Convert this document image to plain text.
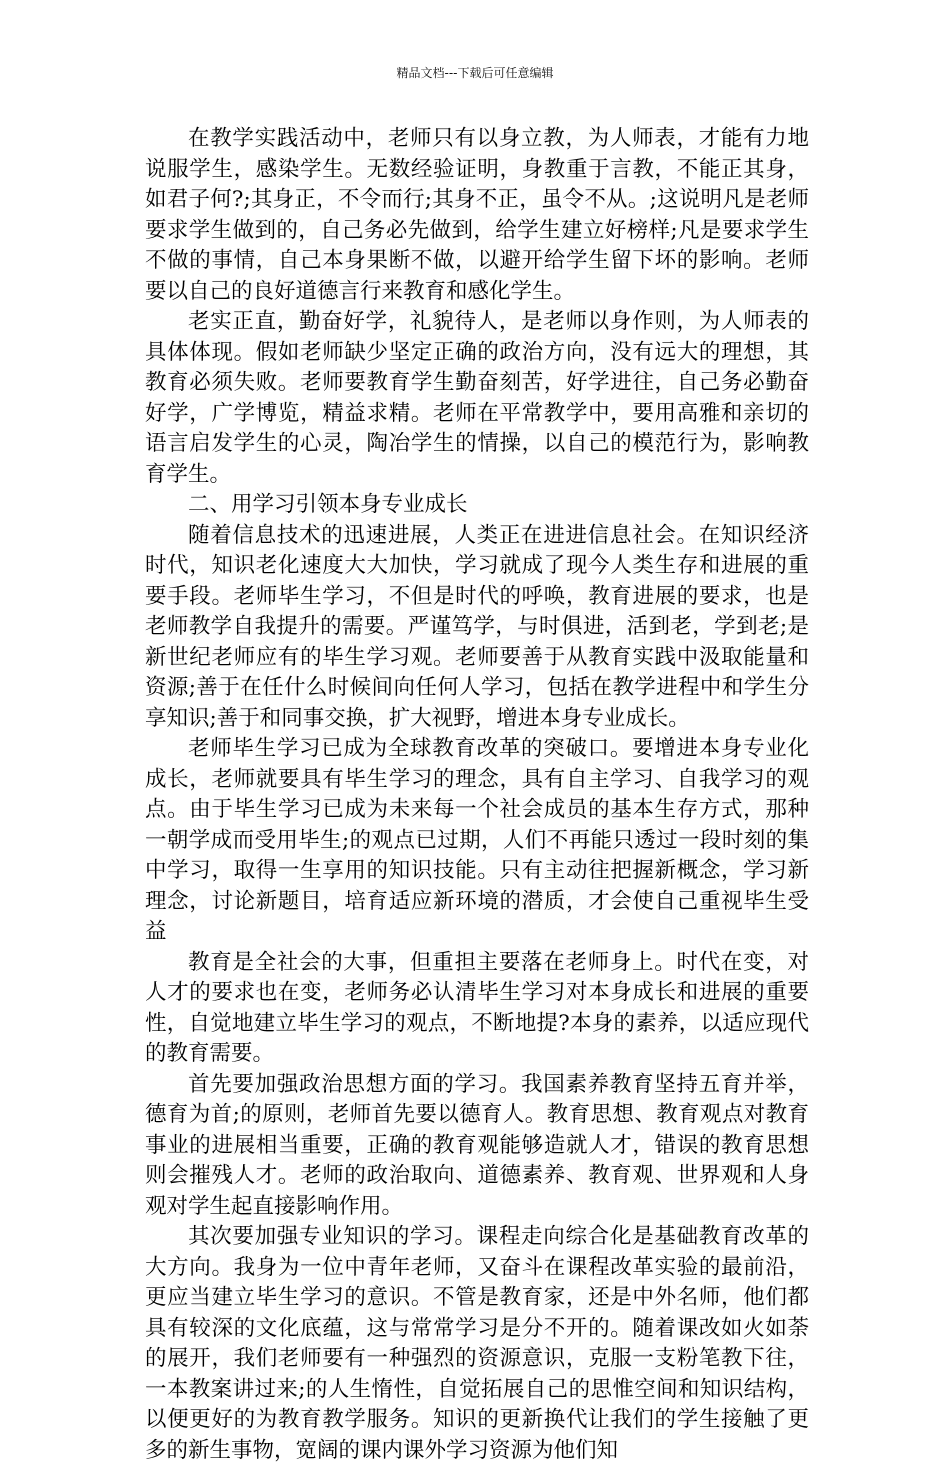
精品文档---下载后可任意编辑

在教学实践活动中，老师只有以身立教，为人师表，才能有力地说服学生，感染学生。无数经验证明，身教重于言教，不能正其身，如君子何?;其身正，不令而行;其身不正，虽令不从。;这说明凡是老师要求学生做到的，自己务必先做到，给学生建立好榜样;凡是要求学生不做的事情，自己本身果断不做，以避开给学生留下坏的影响。老师要以自己的良好道德言行来教育和感化学生。

老实正直，勤奋好学，礼貌待人，是老师以身作则，为人师表的具体体现。假如老师缺少坚定正确的政治方向，没有远大的理想，其教育必须失败。老师要教育学生勤奋刻苦，好学进往，自己务必勤奋好学，广学博览，精益求精。老师在平常教学中，要用高雅和亲切的语言启发学生的心灵，陶冶学生的情操，以自己的模范行为，影响教育学生。

二、用学习引领本身专业成长

随着信息技术的迅速进展，人类正在进进信息社会。在知识经济时代，知识老化速度大大加快，学习就成了现今人类生存和进展的重要手段。老师毕生学习，不但是时代的呼唤，教育进展的要求，也是老师教学自我提升的需要。严谨笃学，与时俱进，活到老，学到老;是新世纪老师应有的毕生学习观。老师要善于从教育实践中汲取能量和资源;善于在任什么时候间向任何人学习，包括在教学进程中和学生分享知识;善于和同事交换，扩大视野，增进本身专业成长。

老师毕生学习已成为全球教育改革的突破口。要增进本身专业化成长，老师就要具有毕生学习的理念，具有自主学习、自我学习的观点。由于毕生学习已成为未来每一个社会成员的基本生存方式，那种一朝学成而受用毕生;的观点已过期，人们不再能只透过一段时刻的集中学习，取得一生享用的知识技能。只有主动往把握新概念，学习新理念，讨论新题目，培育适应新环境的潜质，才会使自己重视毕生受益

教育是全社会的大事，但重担主要落在老师身上。时代在变，对人才的要求也在变，老师务必认清毕生学习对本身成长和进展的重要性，自觉地建立毕生学习的观点，不断地提?本身的素养，以适应现代的教育需要。

首先要加强政治思想方面的学习。我国素养教育坚持五育并举，德育为首;的原则，老师首先要以德育人。教育思想、教育观点对教育事业的进展相当重要，正确的教育观能够造就人才，错误的教育思想则会摧残人才。老师的政治取向、道德素养、教育观、世界观和人身观对学生起直接影响作用。

其次要加强专业知识的学习。课程走向综合化是基础教育改革的大方向。我身为一位中青年老师，又奋斗在课程改革实验的最前沿，更应当建立毕生学习的意识。不管是教育家，还是中外名师，他们都具有较深的文化底蕴，这与常常学习是分不开的。随着课改如火如荼的展开，我们老师要有一种强烈的资源意识，克服一支粉笔教下往，一本教案讲过来;的人生惰性，自觉拓展自己的思惟空间和知识结构，以便更好的为教育教学服务。知识的更新换代让我们的学生接触了更多的新生事物，宽阔的课内课外学习资源为他们知
